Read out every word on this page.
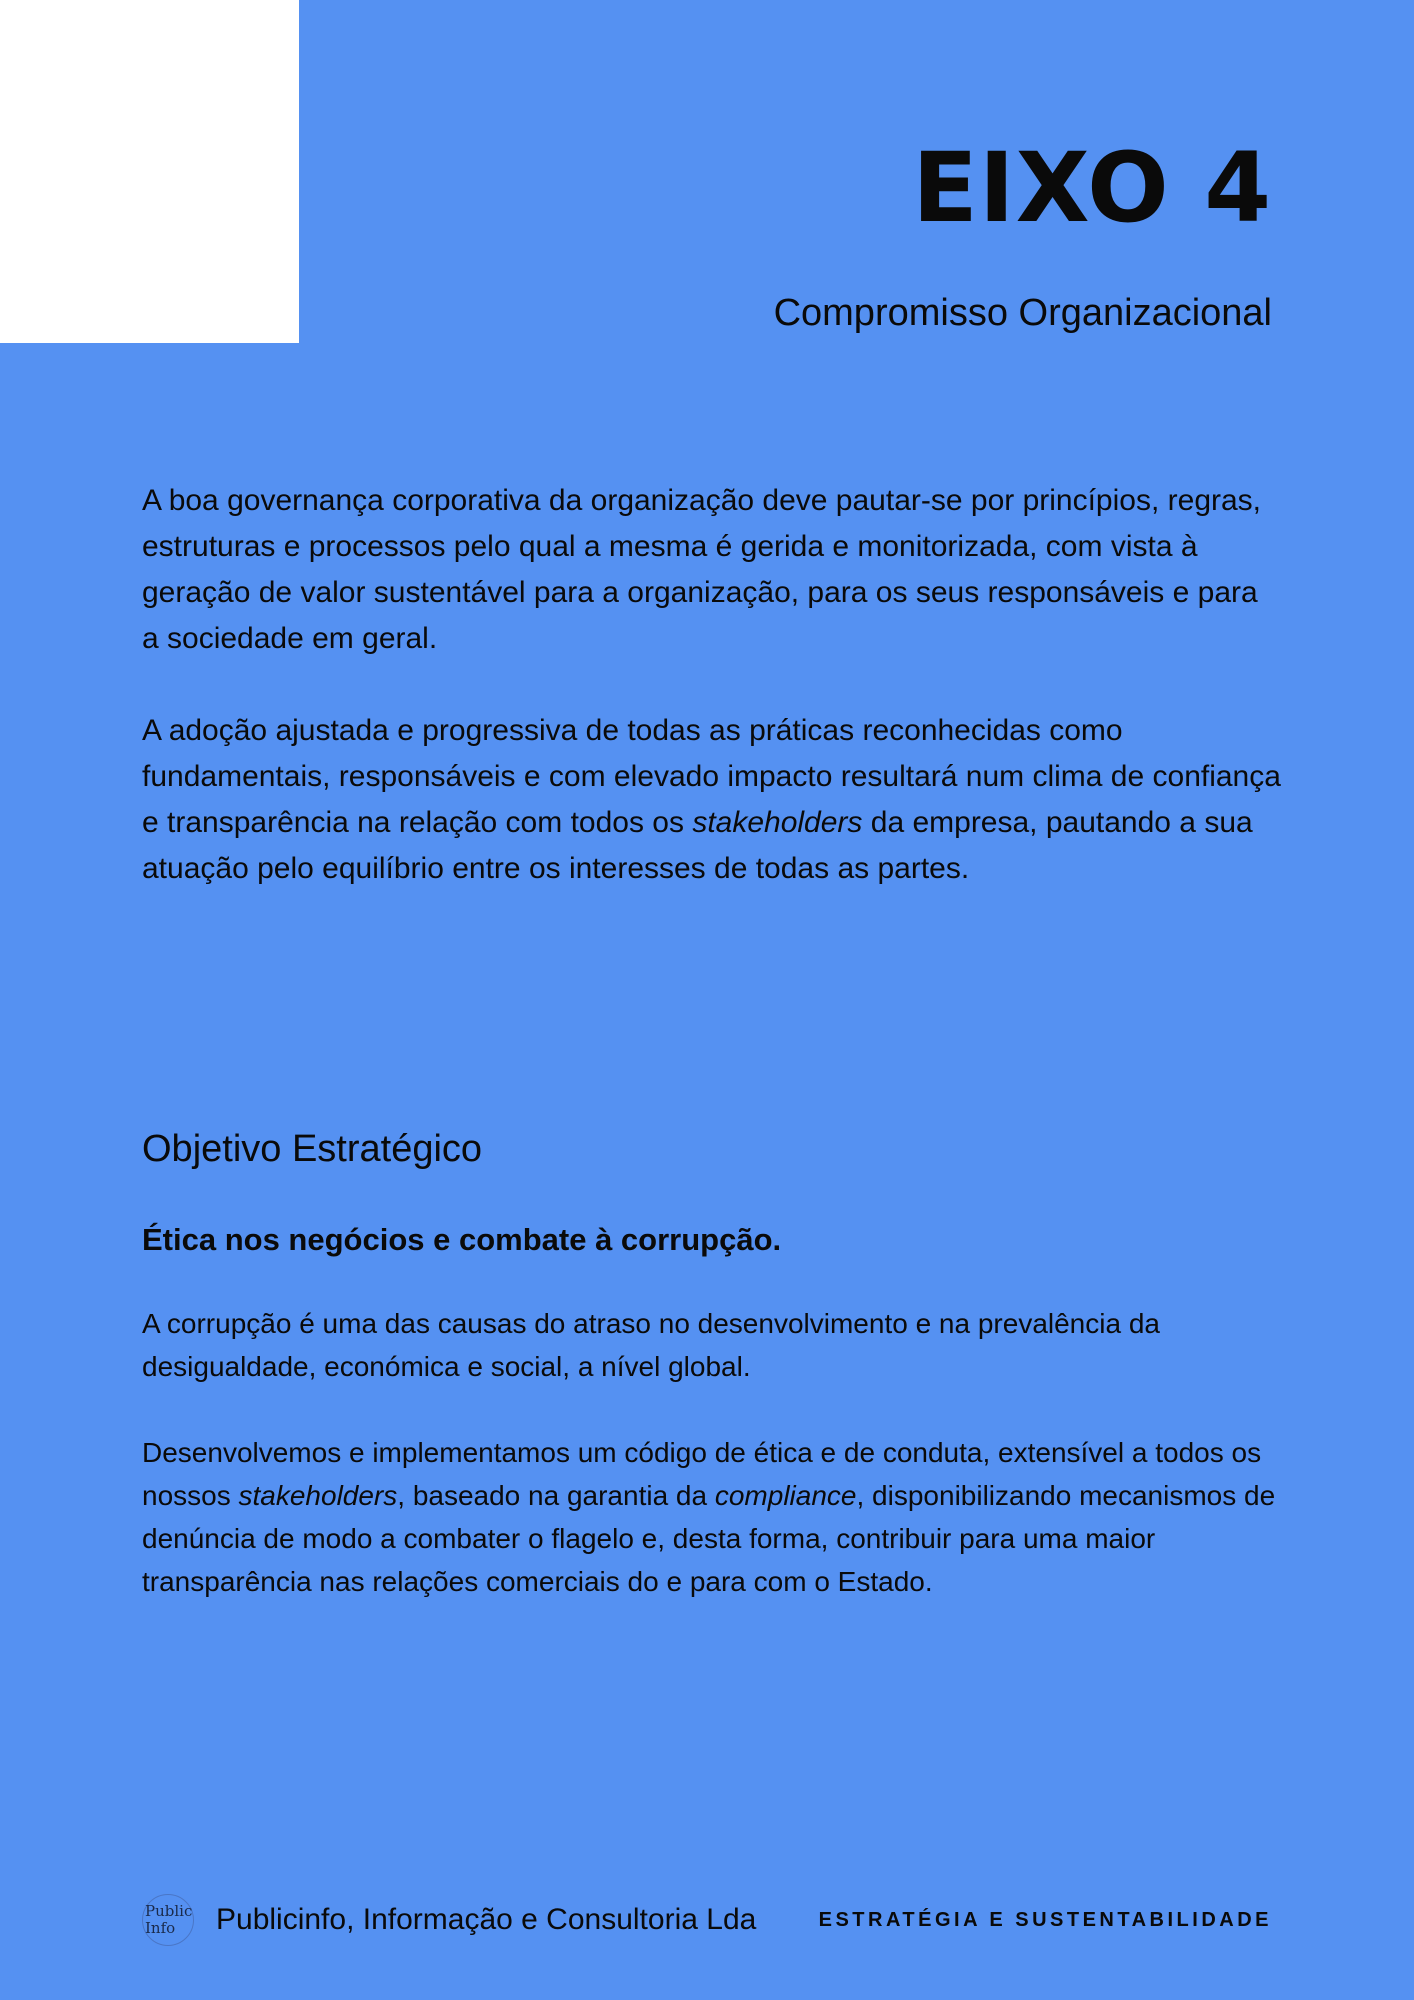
EIXO 4
Compromisso Organizacional

A boa governança corporativa da organização deve pautar-se por princípios, regras, estruturas e processos pelo qual a mesma é gerida e monitorizada, com vista à geração de valor sustentável para a organização, para os seus responsáveis e para a sociedade em geral.

A adoção ajustada e progressiva de todas as práticas reconhecidas como fundamentais, responsáveis e com elevado impacto resultará num clima de confiança e transparência na relação com todos os stakeholders da empresa, pautando a sua atuação pelo equilíbrio entre os interesses de todas as partes.

Objetivo Estratégico
Ética nos negócios e combate à corrupção.

A corrupção é uma das causas do atraso no desenvolvimento e na prevalência da desigualdade, económica e social, a nível global.

Desenvolvemos e implementamos um código de ética e de conduta, extensível a todos os nossos stakeholders, baseado na garantia da compliance, disponibilizando mecanismos de denúncia de modo a combater o flagelo e, desta forma, contribuir para uma maior transparência nas relações comerciais do e para com o Estado.

Public
Info	Publicinfo, Informação e Consultoria Lda	ESTRATÉGIA E SUSTENTABILIDADE
